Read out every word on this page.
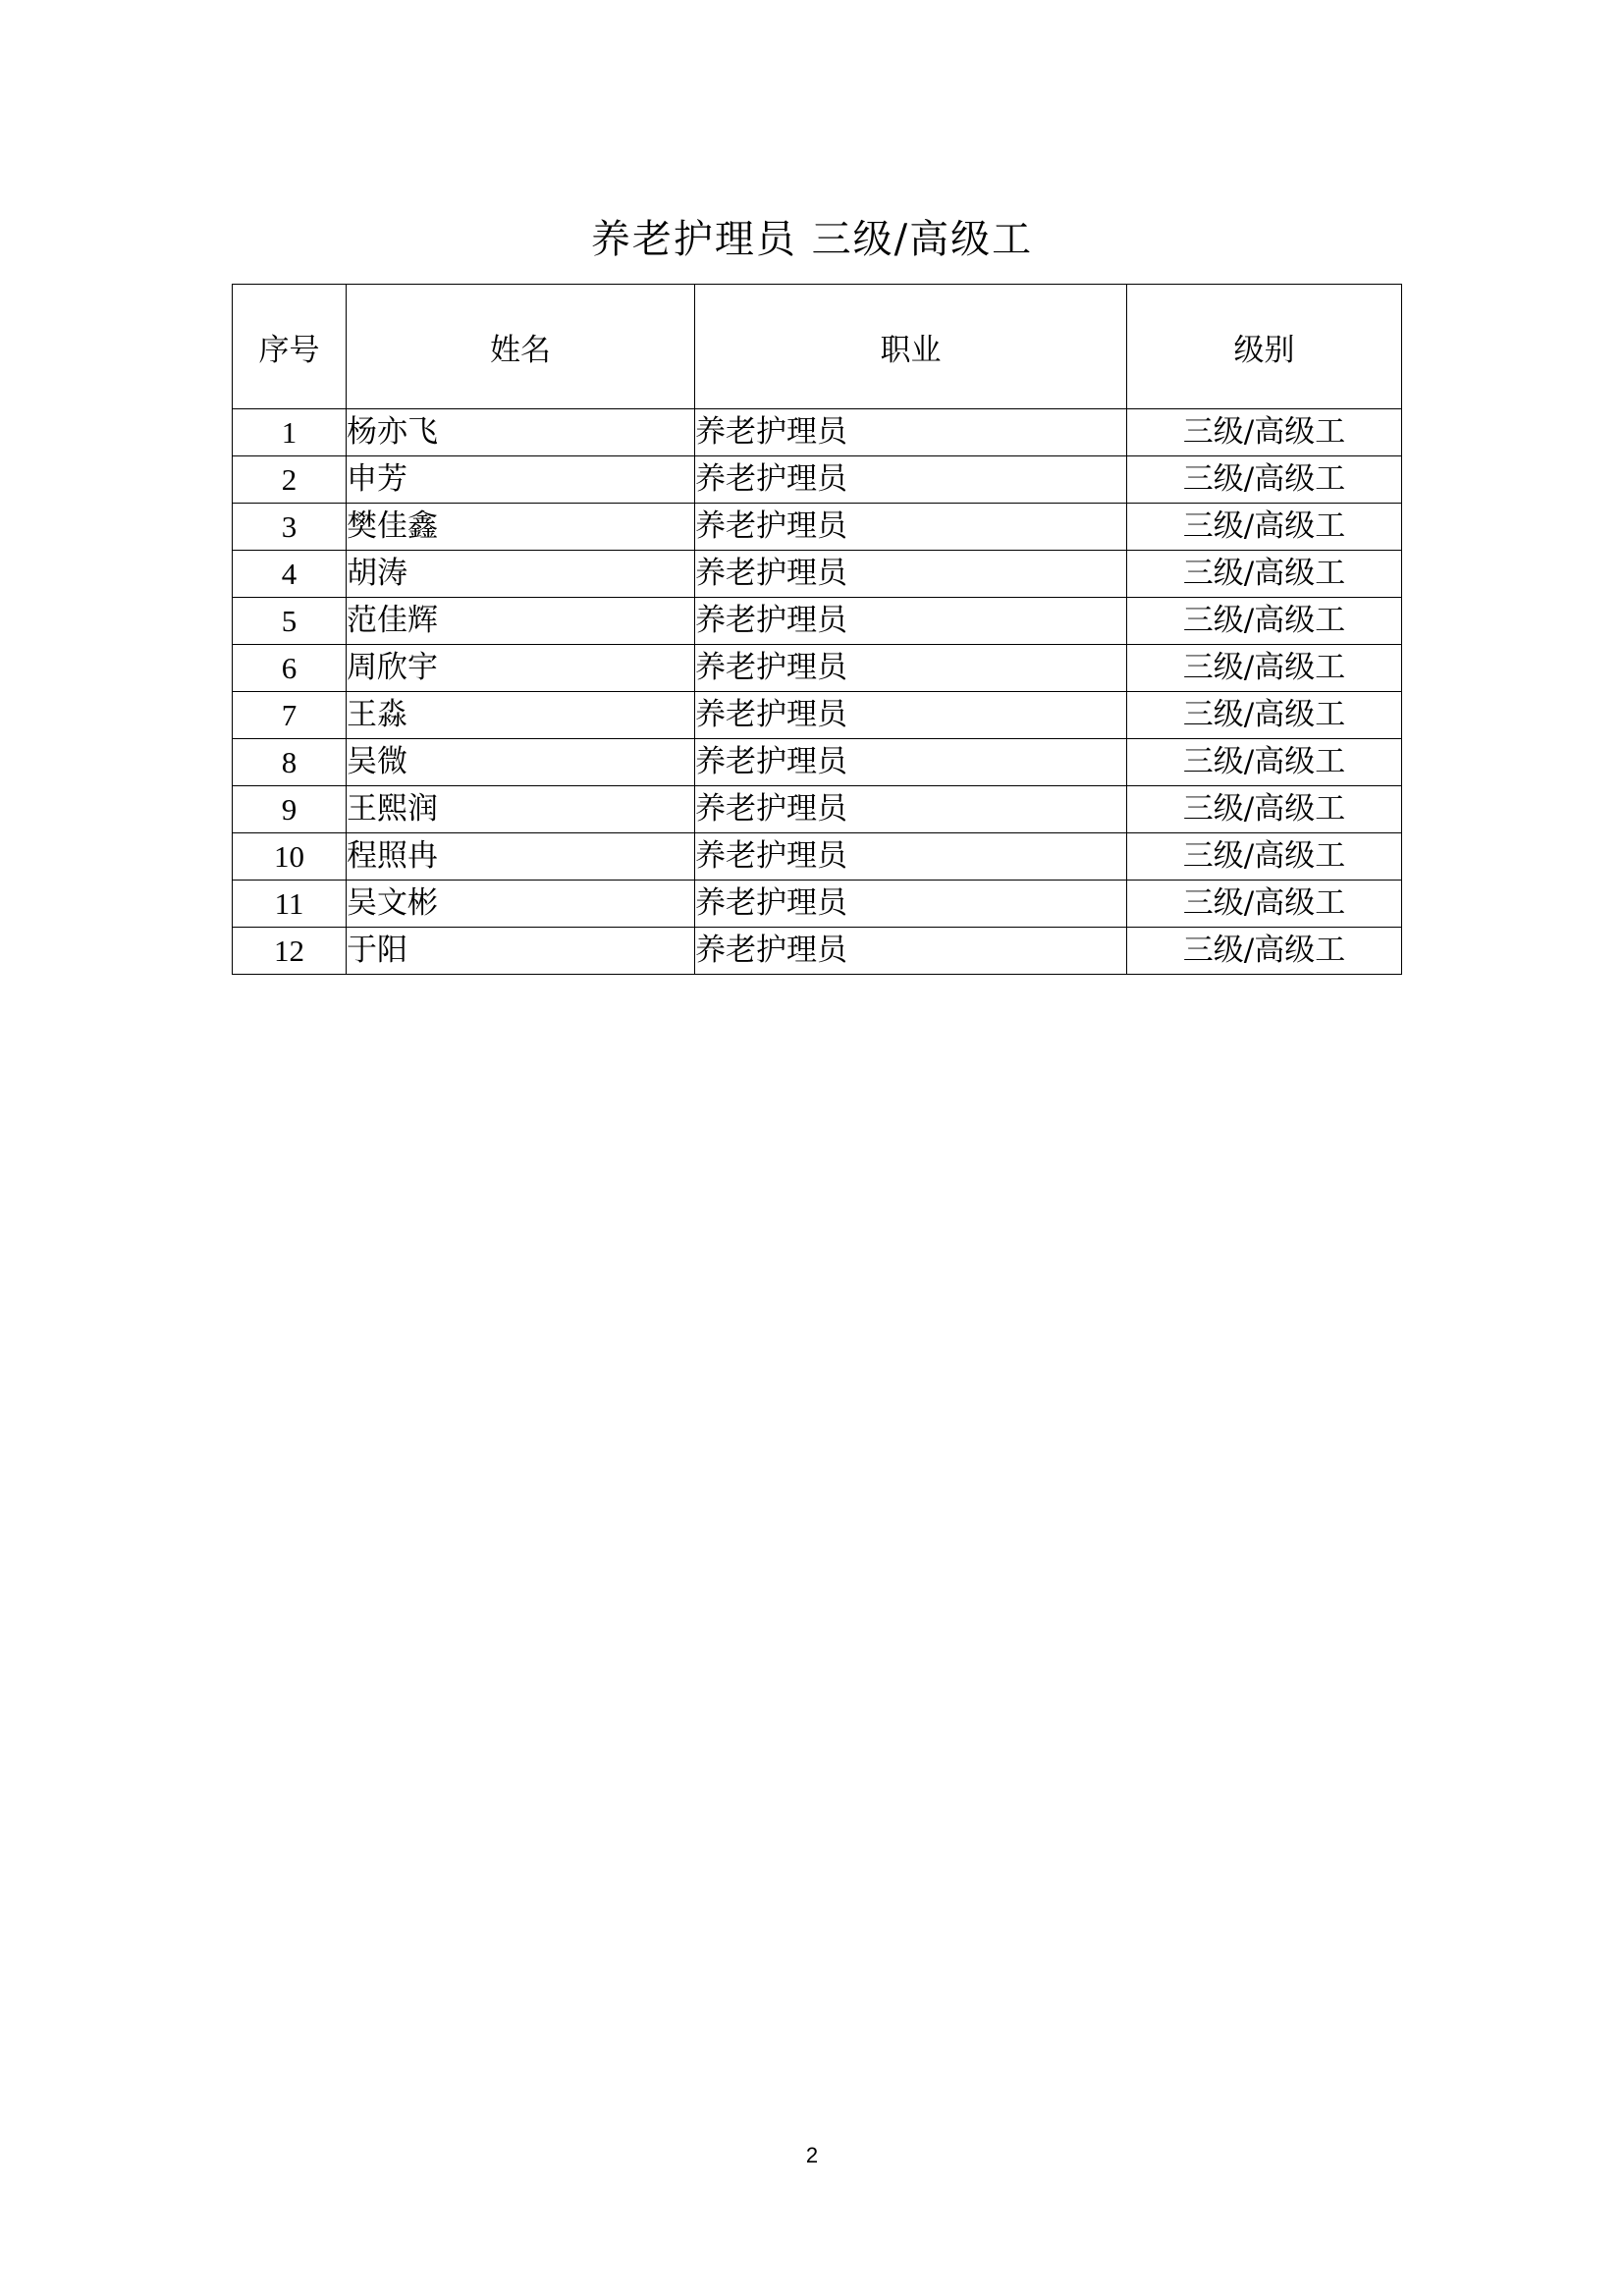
养老护理员 三级/高级工
序号	姓名	职业	级别
1	杨亦飞	养老护理员	三级/高级工
2	申芳	养老护理员	三级/高级工
3	樊佳鑫	养老护理员	三级/高级工
4	胡涛	养老护理员	三级/高级工
5	范佳辉	养老护理员	三级/高级工
6	周欣宇	养老护理员	三级/高级工
7	王淼	养老护理员	三级/高级工
8	吴微	养老护理员	三级/高级工
9	王熙润	养老护理员	三级/高级工
10	程照冉	养老护理员	三级/高级工
11	吴文彬	养老护理员	三级/高级工
12	于阳	养老护理员	三级/高级工
2
